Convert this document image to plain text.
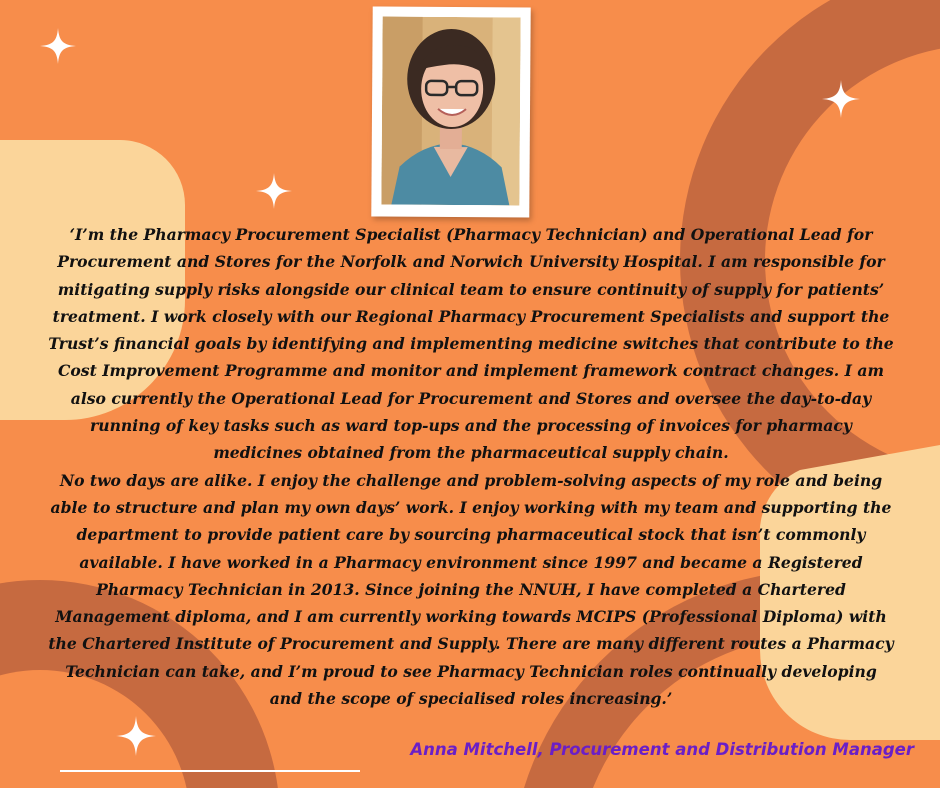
‘I’m the Pharmacy Procurement Specialist (Pharmacy Technician) and Operational Lead for Procurement and Stores for the Norfolk and Norwich University Hospital. I am responsible for mitigating supply risks alongside our clinical team to ensure continuity of supply for patients’ treatment. I work closely with our Regional Pharmacy Procurement Specialists and support the Trust’s financial goals by identifying and implementing medicine switches that contribute to the Cost Improvement Programme and monitor and implement framework contract changes. I am also currently the Operational Lead for Procurement and Stores and oversee the day-to-day running of key tasks such as ward top-ups and the processing of invoices for pharmacy medicines obtained from the pharmaceutical supply chain.

No two days are alike. I enjoy the challenge and problem-solving aspects of my role and being able to structure and plan my own days’ work. I enjoy working with my team and supporting the department to provide patient care by sourcing pharmaceutical stock that isn’t commonly available. I have worked in a Pharmacy environment since 1997 and became a Registered Pharmacy Technician in 2013. Since joining the NNUH, I have completed a Chartered Management diploma, and I am currently working towards MCIPS (Professional Diploma) with the Chartered Institute of Procurement and Supply. There are many different routes a Pharmacy Technician can take, and I’m proud to see Pharmacy Technician roles continually developing and the scope of specialised roles increasing.’

Anna Mitchell, Procurement and Distribution Manager
